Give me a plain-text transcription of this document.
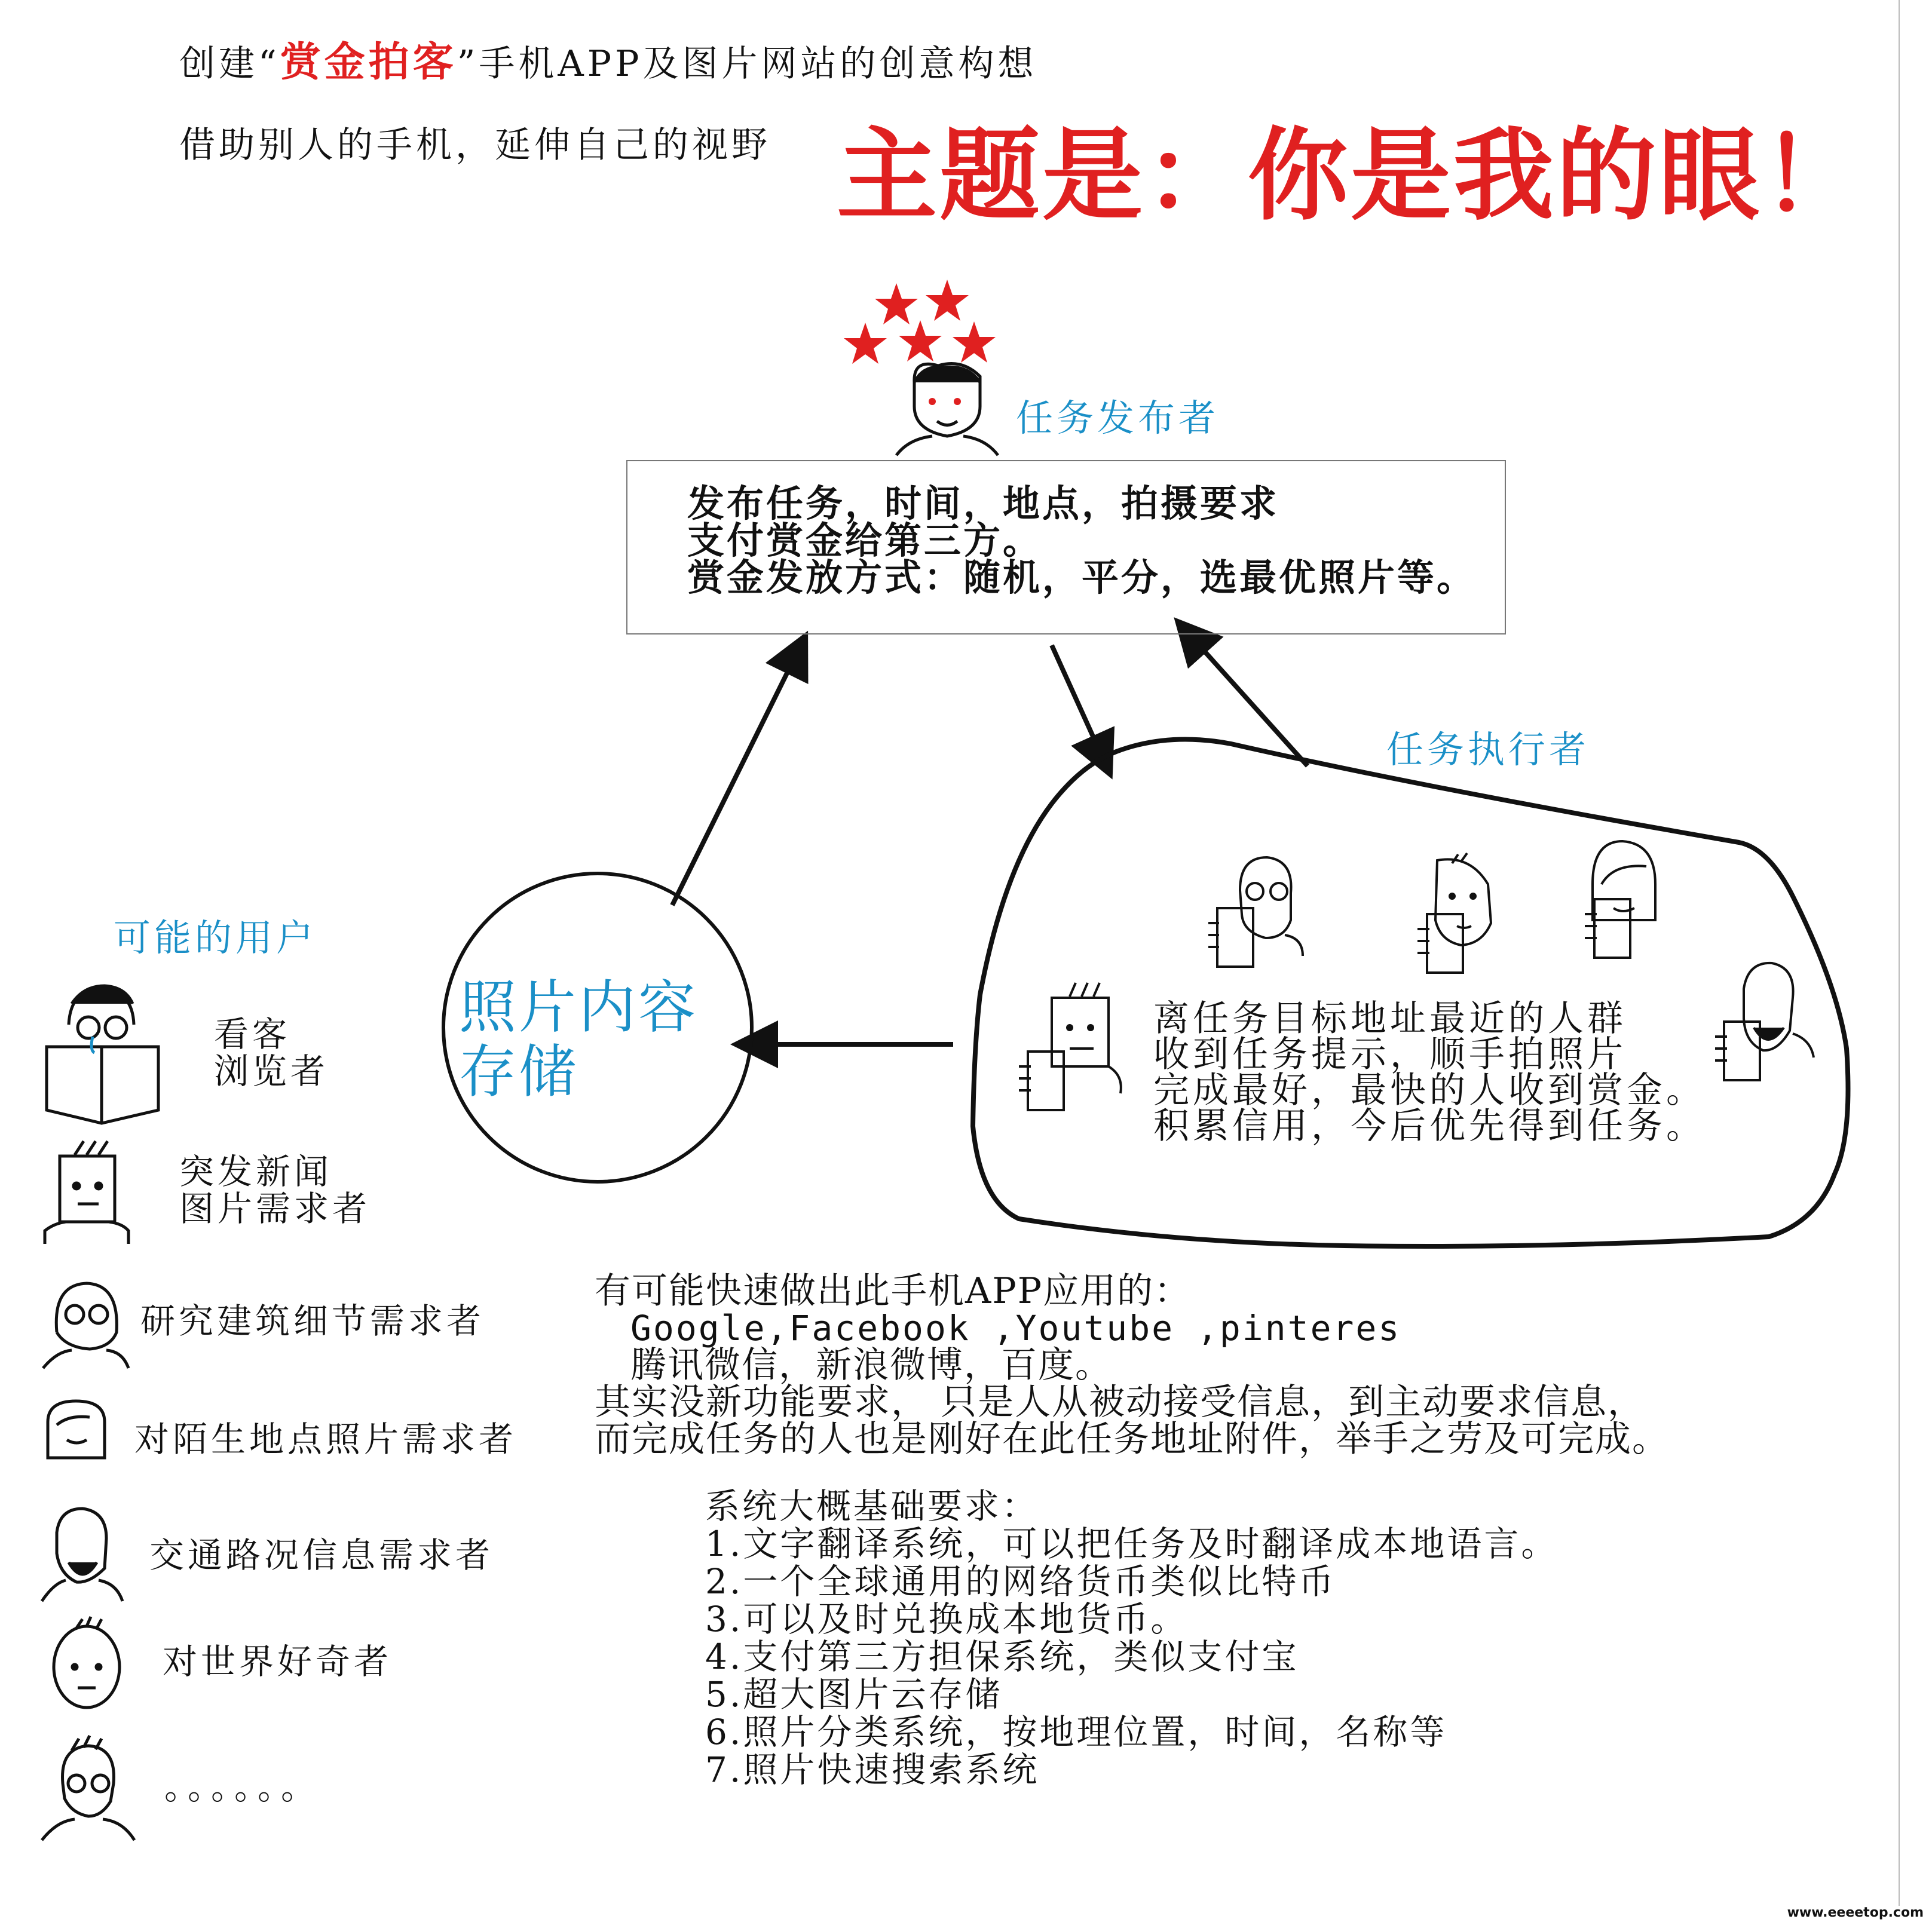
创建“赏金拍客”手机APP及图片网站的创意构想
借助别人的手机，延伸自己的视野 主题是：你是我的眼！
任务发布者
发布任务，时间，地点，拍摄要求
支付赏金给第三方。
赏金发放方式：随机，平分，选最优照片等。
任务执行者
离任务目标地址最近的人群
收到任务提示，顺手拍照片
完成最好，最快的人收到赏金。
积累信用，今后优先得到任务。
照片内容
存储
可能的用户
看客
浏览者
突发新闻
图片需求者
研究建筑细节需求者
对陌生地点照片需求者
交通路况信息需求者
对世界好奇者
。。。。。。
有可能快速做出此手机APP应用的：
Google,Facebook ,Youtube ,pinteres
腾讯微信，新浪微博，百度。
其实没新功能要求， 只是人从被动接受信息，到主动要求信息，
而完成任务的人也是刚好在此任务地址附件，举手之劳及可完成。
系统大概基础要求：
1.文字翻译系统，可以把任务及时翻译成本地语言。
2.一个全球通用的网络货币类似比特币
3.可以及时兑换成本地货币。
4.支付第三方担保系统，类似支付宝
5.超大图片云存储
6.照片分类系统，按地理位置，时间，名称等
7.照片快速搜索系统
www.eeeetop.com
